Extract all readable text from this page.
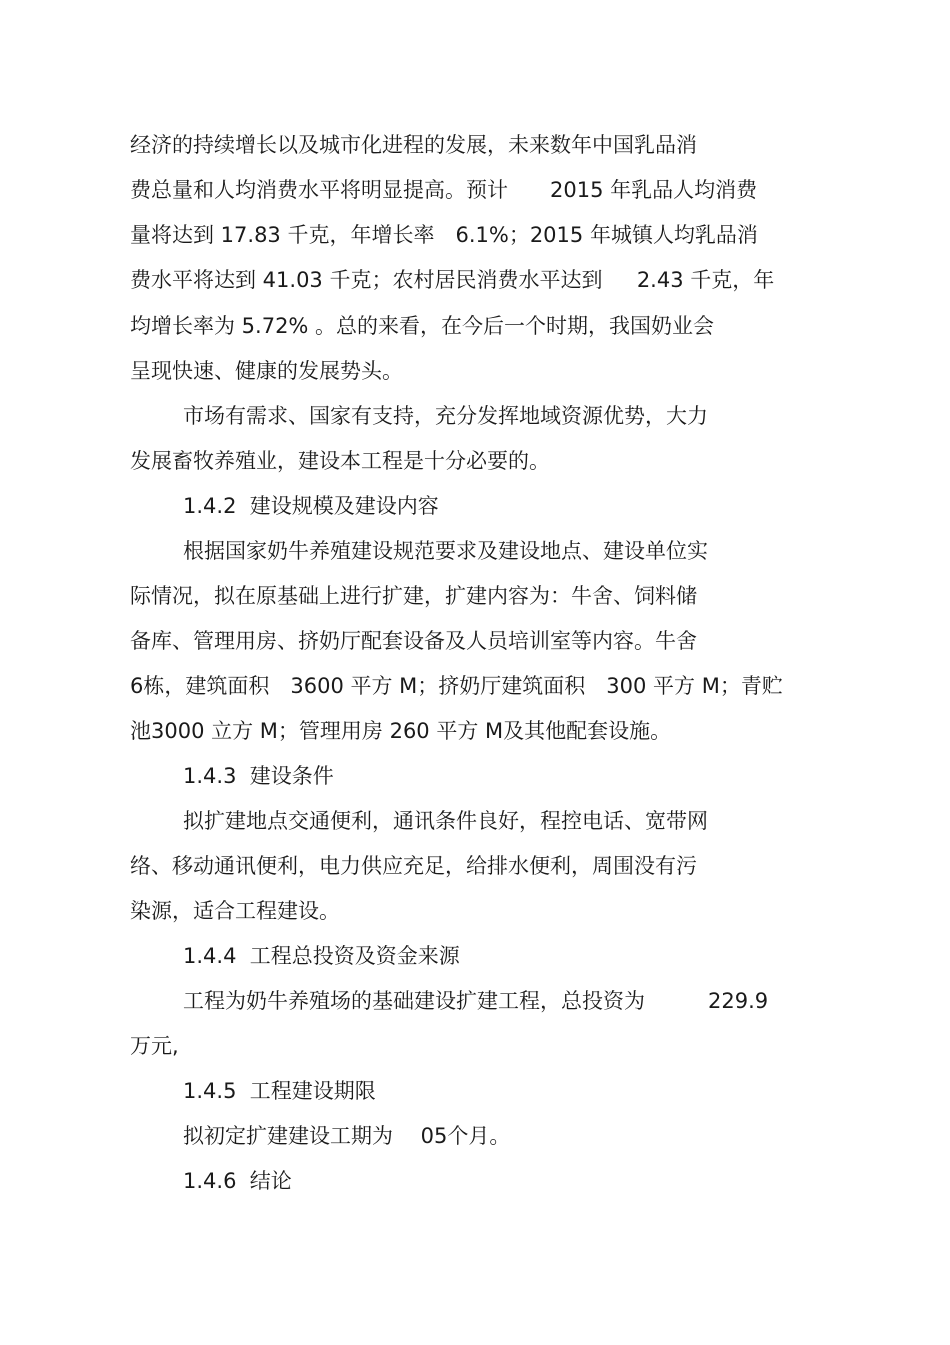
经济的持续增长以及城市化进程的发展，未来数年中国乳品消
费总量和人均消费水平将明显提高。预计　　2015 年乳品人均消费
量将达到 17.83 千克，年增长率　6.1%；2015 年城镇人均乳品消
费水平将达到 41.03 千克；农村居民消费水平达到　  2.43 千克，年
均增长率为 5.72% 。总的来看，在今后一个时期，我国奶业会
呈现快速、健康的发展势头。
市场有需求、国家有支持，充分发挥地域资源优势，大力
发展畜牧养殖业，建设本工程是十分必要的。
1.4.2  建设规模及建设内容
根据国家奶牛养殖建设规范要求及建设地点、建设单位实
际情况，拟在原基础上进行扩建，扩建内容为：牛舍、饲料储
备库、管理用房、挤奶厅配套设备及人员培训室等内容。牛舍
6栋，建筑面积　3600 平方 M；挤奶厅建筑面积　300 平方 M；青贮
池3000 立方 M；管理用房 260 平方 M及其他配套设施。
1.4.3  建设条件
拟扩建地点交通便利，通讯条件良好，程控电话、宽带网
络、移动通讯便利，电力供应充足，给排水便利，周围没有污
染源，适合工程建设。
1.4.4  工程总投资及资金来源
工程为奶牛养殖场的基础建设扩建工程，总投资为　　　229.9
万元,
1.4.5  工程建设期限
拟初定扩建建设工期为　 05个月。
1.4.6  结论
